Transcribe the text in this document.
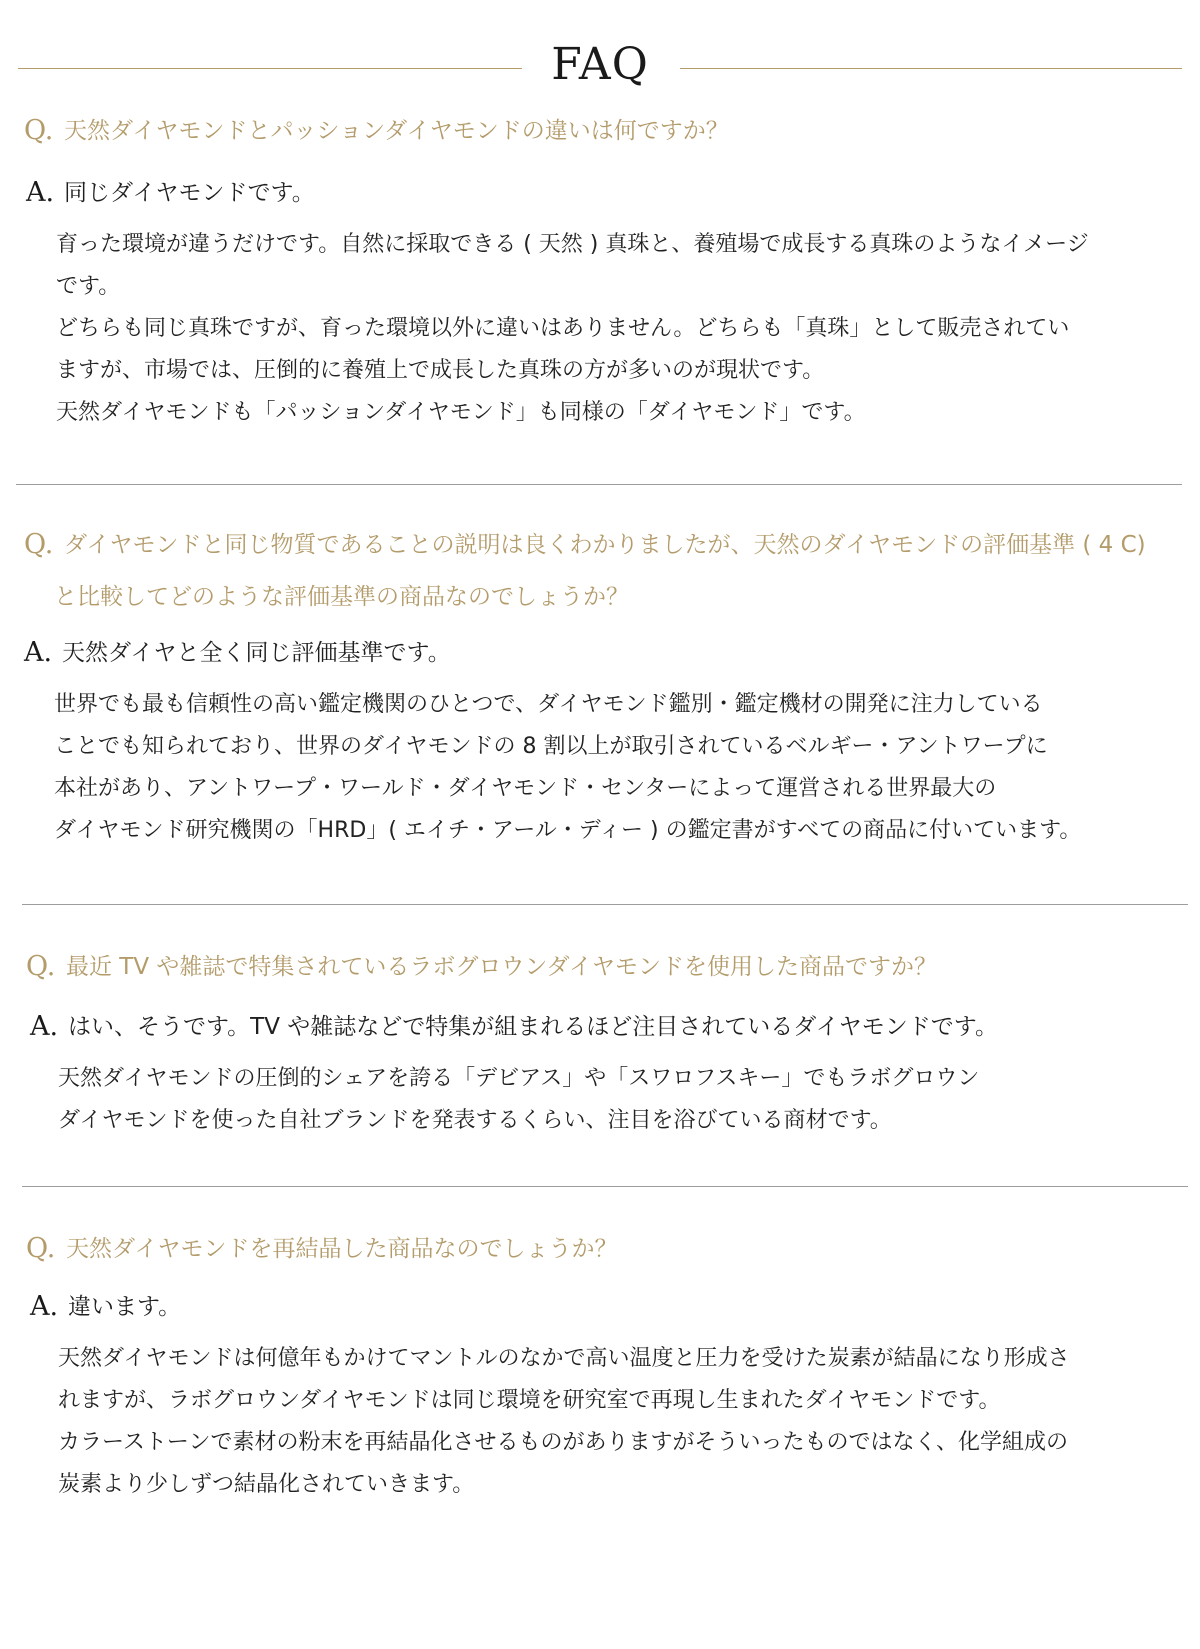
FAQ
Q. 天然ダイヤモンドとパッションダイヤモンドの違いは何ですか？
A. 同じダイヤモンドです。

育った環境が違うだけです。自然に採取できる ( 天然 ) 真珠と、養殖場で成長する真珠のようなイメージ

です。

どちらも同じ真珠ですが、育った環境以外に違いはありません。どちらも「真珠」として販売されてい

ますが、市場では、圧倒的に養殖上で成長した真珠の方が多いのが現状です。

天然ダイヤモンドも「パッションダイヤモンド」も同様の「ダイヤモンド」です。

Q. ダイヤモンドと同じ物質であることの説明は良くわかりましたが、天然のダイヤモンドの評価基準 ( 4 C)
と比較してどのような評価基準の商品なのでしょうか？
A. 天然ダイヤと全く同じ評価基準です。

世界でも最も信頼性の高い鑑定機関のひとつで、ダイヤモンド鑑別・鑑定機材の開発に注力している

ことでも知られており、世界のダイヤモンドの 8 割以上が取引されているベルギー・アントワープに

本社があり、アントワープ・ワールド・ダイヤモンド・センターによって運営される世界最大の

ダイヤモンド研究機関の「HRD」( エイチ・アール・ディー ) の鑑定書がすべての商品に付いています。

Q. 最近 TV や雑誌で特集されているラボグロウンダイヤモンドを使用した商品ですか？
A. はい、そうです。TV や雑誌などで特集が組まれるほど注目されているダイヤモンドです。

天然ダイヤモンドの圧倒的シェアを誇る「デビアス」や「スワロフスキー」でもラボグロウン

ダイヤモンドを使った自社ブランドを発表するくらい、注目を浴びている商材です。

Q. 天然ダイヤモンドを再結晶した商品なのでしょうか？
A. 違います。

天然ダイヤモンドは何億年もかけてマントルのなかで高い温度と圧力を受けた炭素が結晶になり形成さ

れますが、ラボグロウンダイヤモンドは同じ環境を研究室で再現し生まれたダイヤモンドです。

カラーストーンで素材の粉末を再結晶化させるものがありますがそういったものではなく、化学組成の

炭素より少しずつ結晶化されていきます。
